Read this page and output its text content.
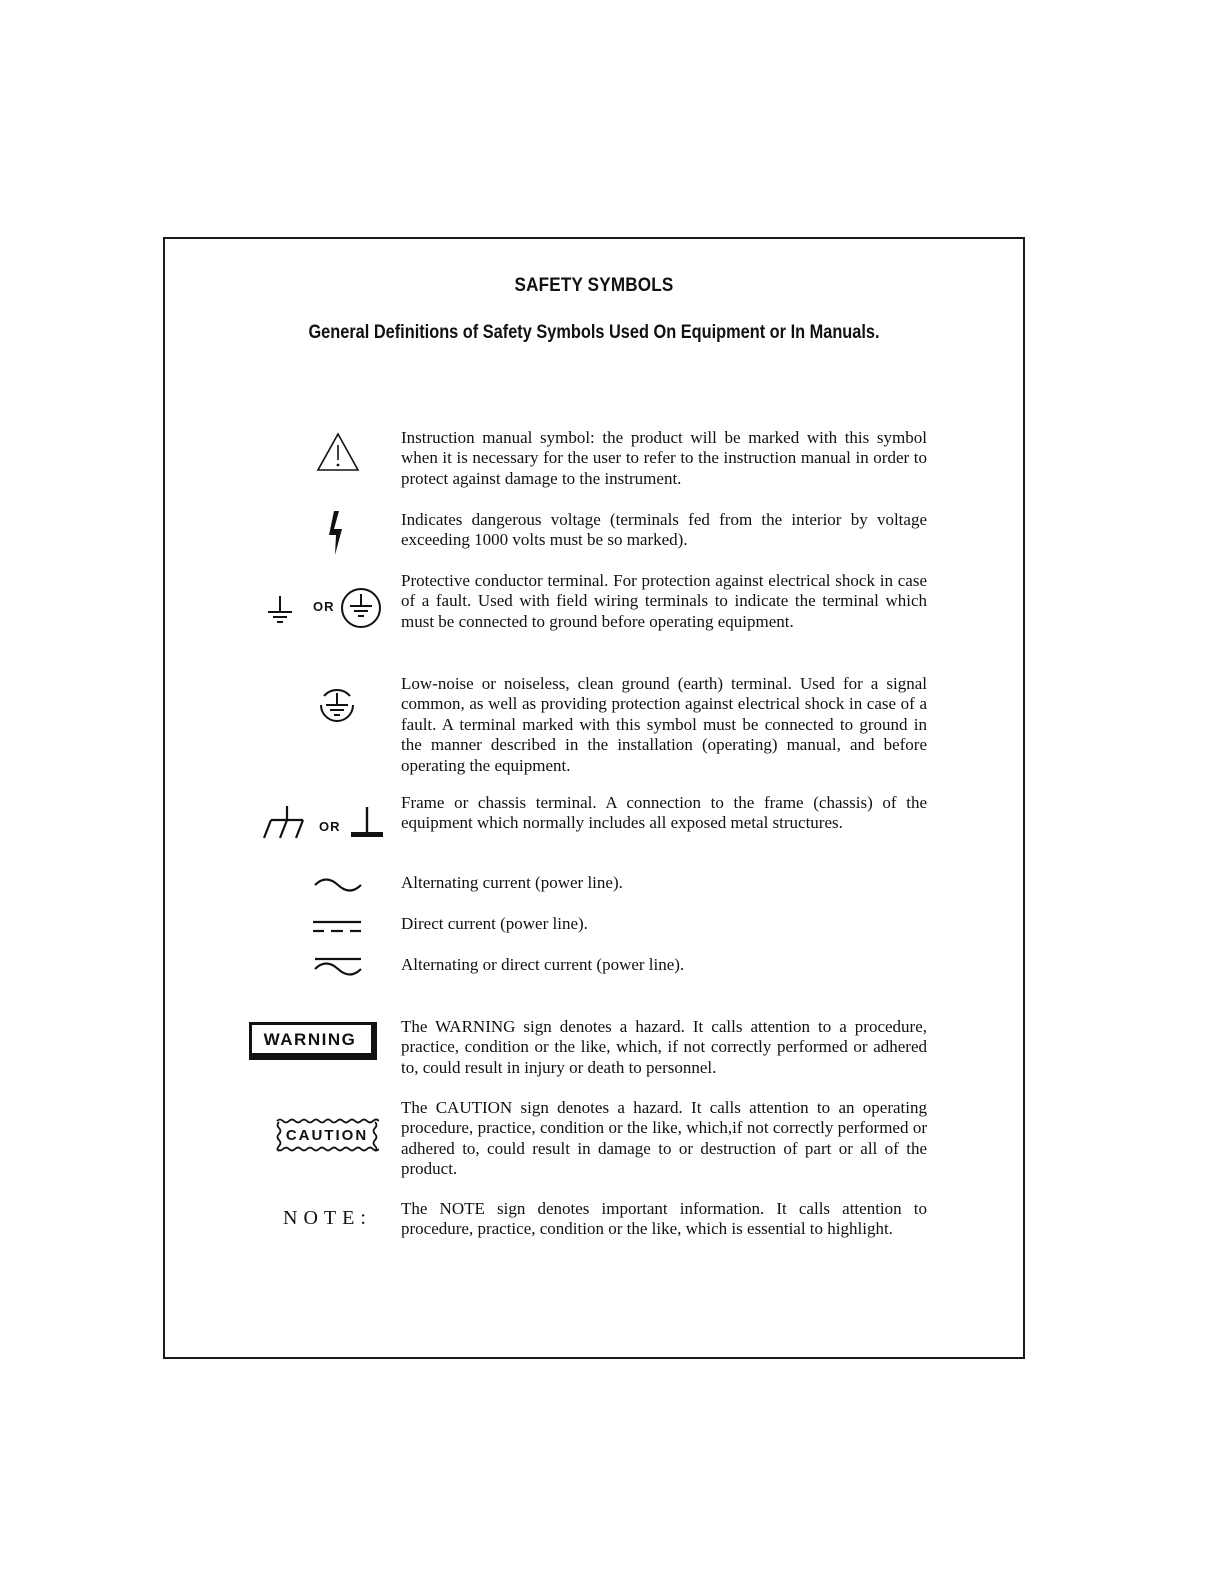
SAFETY SYMBOLS
General Definitions of Safety Symbols Used On Equipment or In Manuals.
Instruction manual symbol: the product will be marked with this symbol when it is necessary for the user to refer to the instruction manual in order to protect against damage to the instrument.
Indicates dangerous voltage (terminals fed from the interior by voltage exceeding 1000 volts must be so marked).
OR
Protective conductor terminal. For protection against electrical shock in case of a fault. Used with field wiring terminals to indicate the terminal which must be connected to ground before operating equipment.
Low-noise or noiseless, clean ground (earth) terminal. Used for a signal common, as well as providing protection against electrical shock in case of a fault. A terminal marked with this symbol must be connected to ground in the manner described in the installation (operating) manual, and before operating the equipment.
OR
Frame or chassis terminal. A connection to the frame (chassis) of the equipment which normally includes all exposed metal structures.
Alternating current (power line).
Direct current (power line).
Alternating or direct current (power line).
WARNING
The WARNING sign denotes a hazard. It calls attention to a procedure, practice, condition or the like, which, if not correctly performed or adhered to, could result in injury or death to personnel.
CAUTION
The CAUTION sign denotes a hazard. It calls attention to an operating procedure, practice, condition or the like, which,if not correctly performed or adhered to, could result in damage to or destruction of part or all of the product.
NOTE: The NOTE sign denotes important information. It calls attention to procedure, practice, condition or the like, which is essential to highlight.
